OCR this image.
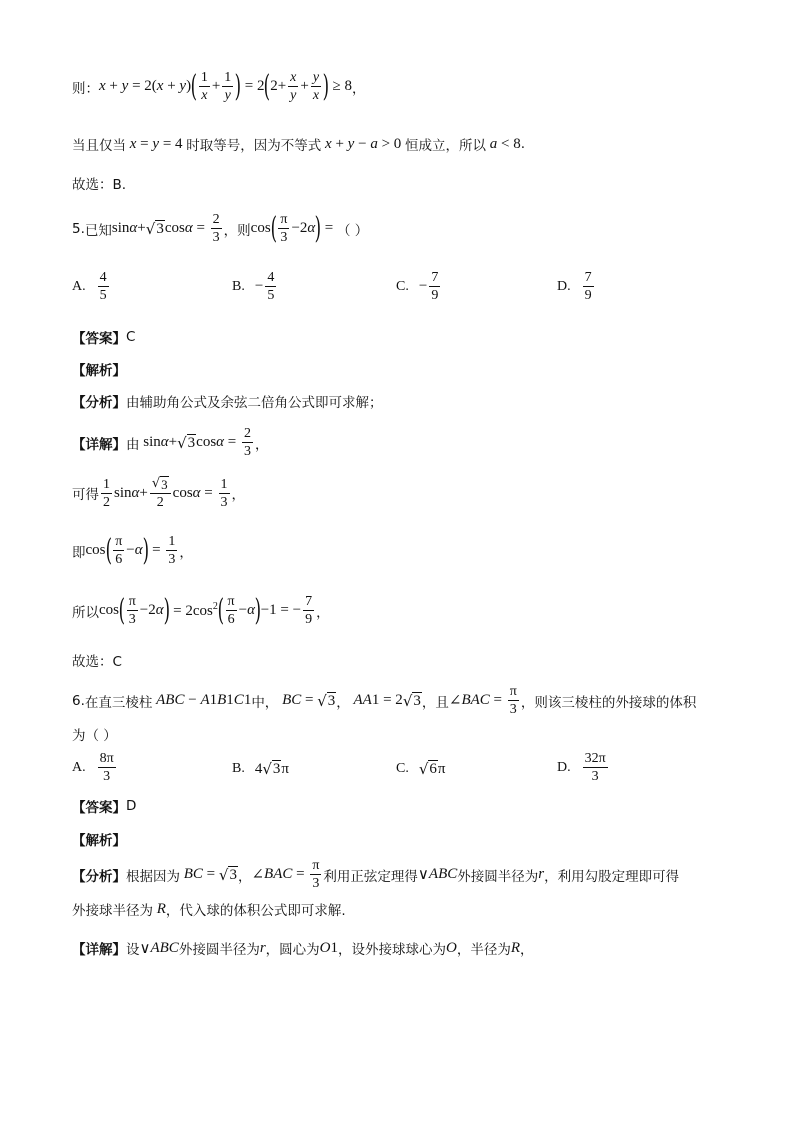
则： x + y = 2( x + y ) ( $\frac{1}{x} + \frac{1}{y}$ ) = 2 ( $2+ \frac{x}{y} + \frac{y}{x}$ ) ≥ 8 ，
当且仅当 x = y = 4 时取等号，因为不等式 x + y − a > 0 恒成立，所以 a < 8 .
故选：B.
5. 已知 sin α + √ 3 $\cos \alpha = \frac{2}{3}$ ，则 cos ( $\frac{\pi}{3} -2$ α ) = （ ）
A. $\frac{4}{5}$	B. − $\frac{4}{5}$	C. − $\frac{7}{9}$	D. $\frac{7}{9}$
【答案】 C
【解析】
【分析】 由辅助角公式及余弦二倍角公式即可求解；
【详解】 由 sin α + √ 3 $\cos \alpha = \frac{2}{3}$ ，
可得 $\frac{1}{2}$ $\sin \alpha + \frac{√ 3}{2}$ $\cos \alpha = \frac{1}{3}$ ，
即 cos ( $\frac{\pi}{6} - \alpha$ ) = $\frac{1}{3}$ ，
所以 cos ( $\frac{\pi}{3} -2$ α ) = $2\cos^2$ ( $\frac{\pi}{6} - \alpha$ ) −1 = − $\frac{7}{9}$ ，
故选：C
6. 在直三棱柱 ABC − A 1 B 1 C 1 中， BC = √ 3 ， AA 1 = 2 √ 3 ，且 ∠ BAC = $\frac{\pi}{3}$ ，则该三棱柱的外接球的体积
为（ ）
A. $\frac{8\pi}{3}$	B. 4 √ 3 π	C. √ 6 π	D. $\frac{32\pi}{3}$
【答案】 D
【解析】
【分析】 根据因为 BC = √ 3 ， ∠ BAC = $\frac{\pi}{3}$ 利用正弦定理得 ∨ ABC 外接圆半径为 r ，利用勾股定理即可得
外接球半径为 R ，代入球的体积公式即可求解.
【详解】 设 ∨ ABC 外接圆半径为 r ，圆心为 O 1 ，设外接球球心为 O ，半径为 R ，
